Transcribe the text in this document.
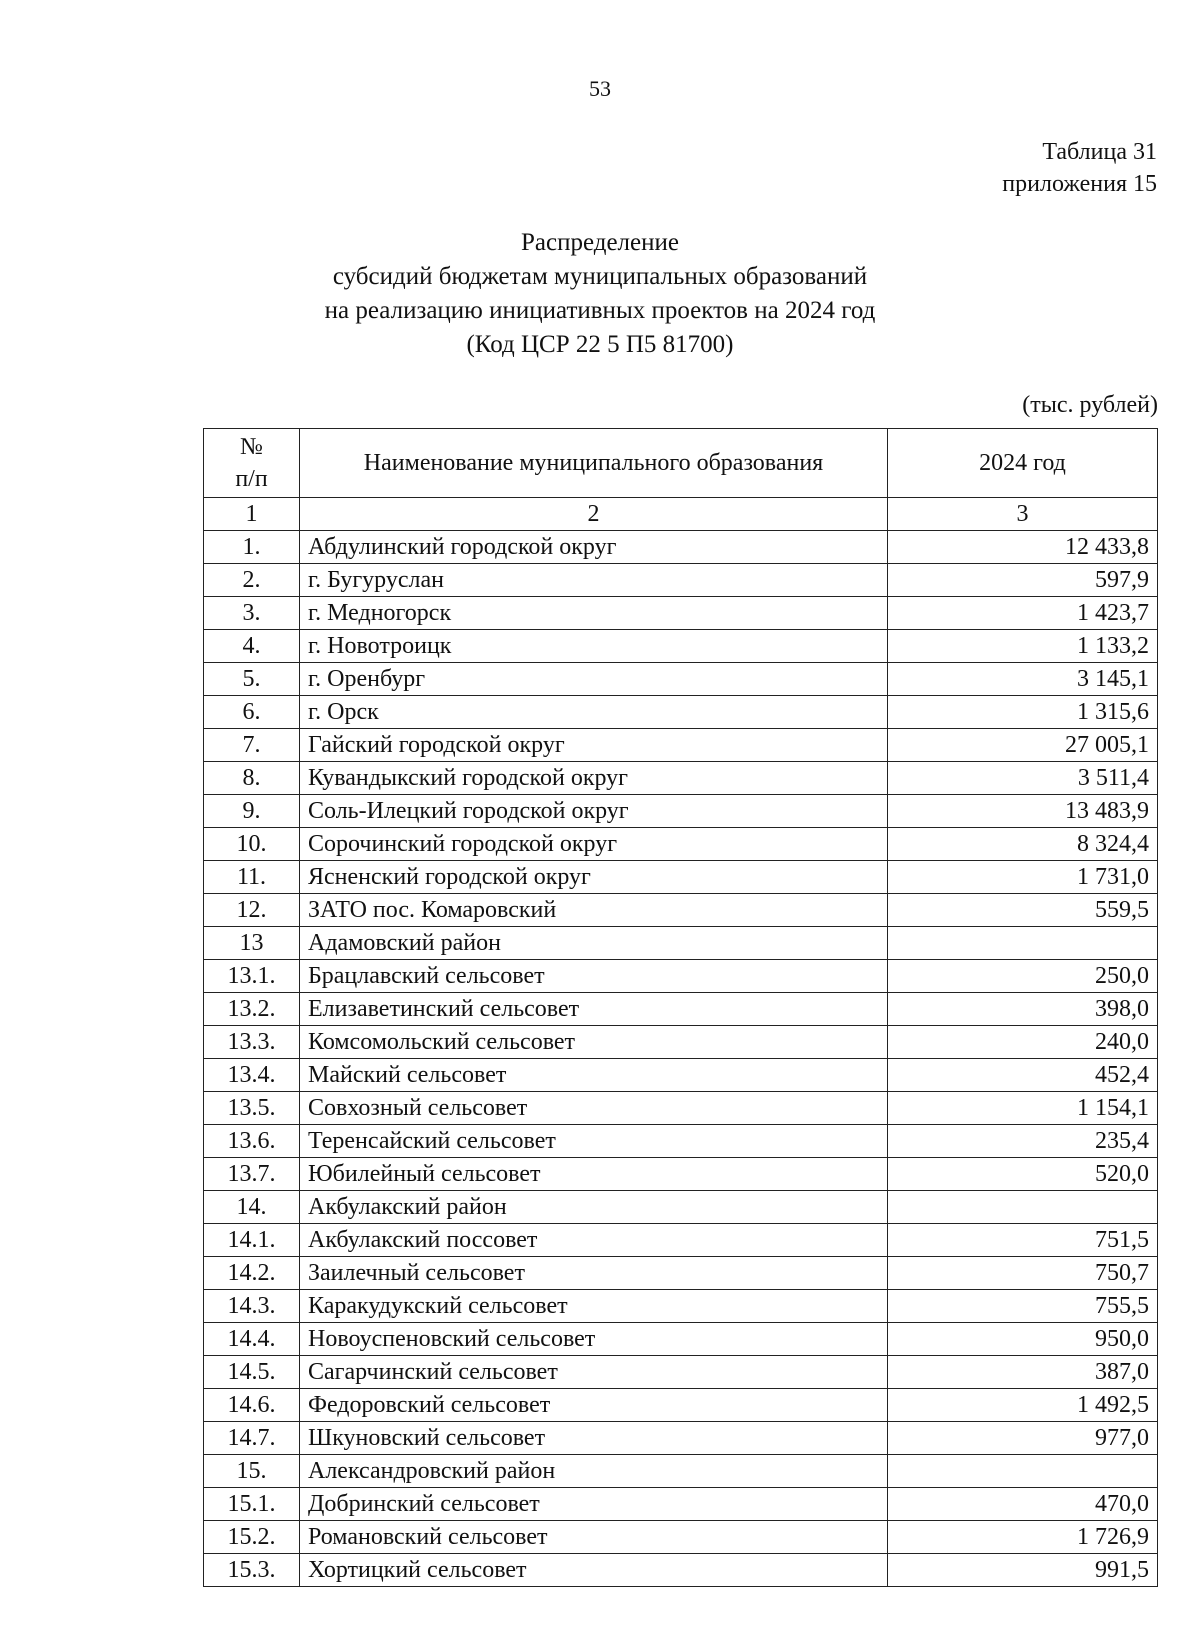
53
Таблица 31
приложения 15
Распределение
субсидий бюджетам муниципальных образований
на реализацию инициативных проектов на 2024 год
(Код ЦСР 22 5 П5 81700)
(тыс. рублей)
№
п/п	Наименование муниципального образования	2024 год
1	2	3
1.	Абдулинский городской округ	12 433,8
2.	г. Бугуруслан	597,9
3.	г. Медногорск	1 423,7
4.	г. Новотроицк	1 133,2
5.	г. Оренбург	3 145,1
6.	г. Орск	1 315,6
7.	Гайский городской округ	27 005,1
8.	Кувандыкский городской округ	3 511,4
9.	Соль-Илецкий городской округ	13 483,9
10.	Сорочинский городской округ	8 324,4
11.	Ясненский городской округ	1 731,0
12.	ЗАТО пос. Комаровский	559,5
13	Адамовский район	
13.1.	Брацлавский сельсовет	250,0
13.2.	Елизаветинский сельсовет	398,0
13.3.	Комсомольский сельсовет	240,0
13.4.	Майский сельсовет	452,4
13.5.	Совхозный сельсовет	1 154,1
13.6.	Теренсайский сельсовет	235,4
13.7.	Юбилейный сельсовет	520,0
14.	Акбулакский район	
14.1.	Акбулакский поссовет	751,5
14.2.	Заилечный сельсовет	750,7
14.3.	Каракудукский сельсовет	755,5
14.4.	Новоуспеновский сельсовет	950,0
14.5.	Сагарчинский сельсовет	387,0
14.6.	Федоровский сельсовет	1 492,5
14.7.	Шкуновский сельсовет	977,0
15.	Александровский район	
15.1.	Добринский сельсовет	470,0
15.2.	Романовский сельсовет	1 726,9
15.3.	Хортицкий сельсовет	991,5
